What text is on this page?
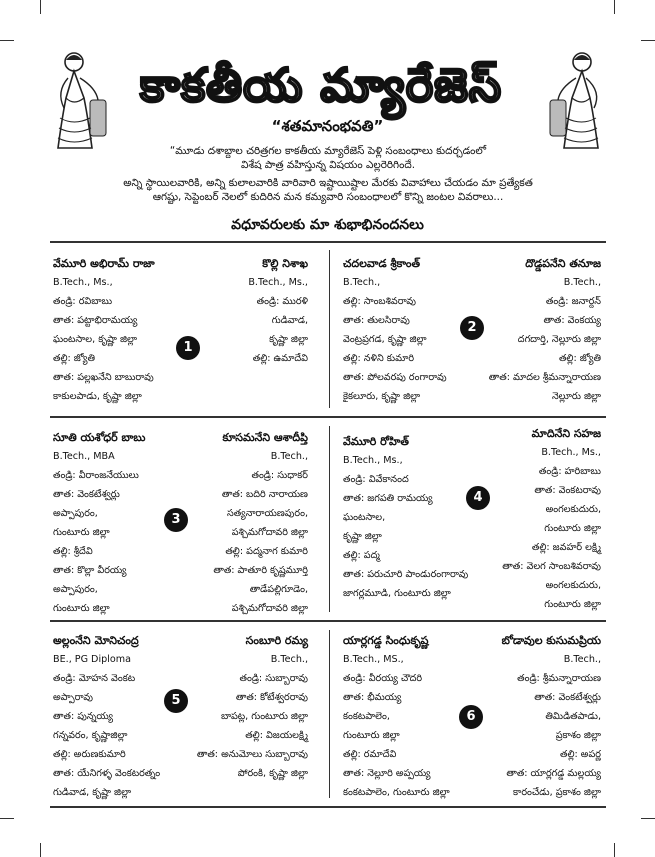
కాకతీయ మ్యారేజెస్
“శతమానంభవతి”
“మూడు దశాబ్దాల చరిత్రగల కాకతీయ మ్యారేజెస్ పెళ్లి సంబంధాలు కుదర్చడంలో
విశేష పాత్ర వహిస్తున్న విషయం ఎల్లరెరిగిందే.
అన్ని స్థాయిలవారికి, అన్ని కులాలవారికి వారివారి ఇష్టాయిష్టాల మేరకు వివాహాలు చేయడం మా ప్రత్యేకత
ఆగష్టు, సెప్టెంబర్ నెలలో కుదిరిన మన కమ్యవారి సంబంధాలలో కొన్ని జంటల వివరాలు...
వధూవరులకు మా శుభాభినందనలు
వేమూరి అభిరామ్ రాజా
B.Tech., Ms.,
తండ్రి: రవిబాబు
తాత: పట్టాభిరామయ్య
ఘంటసాల, కృష్ణా జిల్లా
తల్లి: జ్యోతి
తాత: పల్లఖనేని బాబురావు
కాకులపాడు, కృష్ణా జిల్లా
కొల్లి నిశాఖ
B.Tech., Ms.,
తండ్రి: మురళి
గుడివాడ,
కృష్ణా జిల్లా
తల్లి: ఉమాదేవి
1
చదలవాడ శ్రీకాంత్
B.Tech.,
తల్లి: సాంబశివరావు
తాత: తులసిరావు
వెంట్రప్రగడ, కృష్ణా జిల్లా
తల్లి: నళిని కుమారి
తాత: పోలవరపు రంగారావు
కైకలూరు, కృష్ణా జిల్లా
దొడ్డపనేని తనూజ
B.Tech.,
తండ్రి: జనార్దన్
తాత: వెంకయ్య
దగదార్తి, నెల్లూరు జిల్లా
తల్లి: జ్యోతి
తాత: మాదల శ్రీమన్నారాయణ
నెల్లూరు జిల్లా
2
సూతి యశోధర్ బాబు
B.Tech., MBA
తండ్రి: వీరాంజనేయులు
తాత: వెంకటేశ్వర్లు
అప్పాపురం,
గుంటూరు జిల్లా
తల్లి: శ్రీదేవి
తాత: కొల్లా వీరయ్య
అప్పాపురం,
గుంటూరు జిల్లా
కూసమనేని ఆశాదీప్తి
B.Tech.,
తండ్రి: సుధాకర్
తాత: బదిరి నారాయణ
సత్యనారాయణపురం,
పశ్చిమగోదావరి జిల్లా
తల్లి: పద్మనాగ కుమారి
తాత: పాతూరి కృష్ణమూర్తి
తాడేపల్లిగూడెం,
పశ్చిమగోదావరి జిల్లా
3
వేమూరి రోహిత్
B.Tech., Ms.,
తండ్రి: వివేకానంద
తాత: జగపతి రామయ్య
ఘంటసాల,
కృష్ణా జిల్లా
తల్లి: పద్మ
తాత: పరుచూరి పాండురంగారావు
జాగర్లమూడి, గుంటూరు జిల్లా
మాదినేని సహజ
B.Tech., Ms.,
తండ్రి: హరిబాబు
తాత: వెంకటరావు
అంగలకుదురు,
గుంటూరు జిల్లా
తల్లి: జవహర్ లక్ష్మి
తాత: వెలగ సాంబశివరావు
అంగలకుదురు,
గుంటూరు జిల్లా
4
అల్లంనేని మోనిచంద్ర
BE., PG Diploma
తండ్రి: మోహన వెంకట
అప్పారావు
తాత: పున్నయ్య
గన్నవరం, కృష్ణాజిల్లా
తల్లి: అరుణకుమారి
తాత: యేనిగళ్ళ వెంకటరత్నం
గుడివాడ, కృష్ణా జిల్లా
సంబూరి రమ్య
B.Tech.,
తండ్రి: సుబ్బారావు
తాత: కోటేశ్వరరావు
బాపట్ల, గుంటూరు జిల్లా
తల్లి: విజయలక్ష్మి
తాత: అనుమోలు సుబ్బారావు
పోరంకి, కృష్ణా జిల్లా
5
యార్లగడ్డ సింధుకృష్ణ
B.Tech., MS.,
తండ్రి: వీరయ్య చౌదరి
తాత: భీమయ్య
కంకటపాలెం,
గుంటూరు జిల్లా
తల్లి: రమాదేవి
తాత: నెల్లూరి అప్పయ్య
కంకటపాలెం, గుంటూరు జిల్లా
బోడావుల కుసుమప్రియ
B.Tech.,
తండ్రి: శ్రీమన్నారాయణ
తాత: వెంకటేశ్వర్లు
తిమిడితపాడు,
ప్రకాశం జిల్లా
తల్లి: అపర్ణ
తాత: యార్లగడ్డ మల్లయ్య
కారంచేడు, ప్రకాశం జిల్లా
6
